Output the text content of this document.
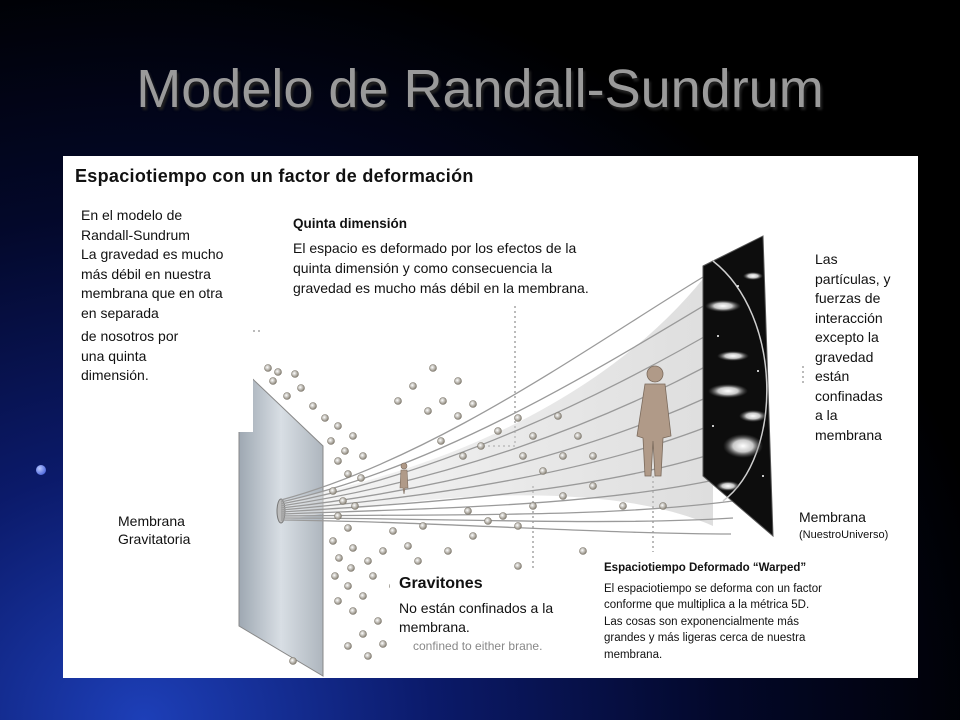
Modelo de Randall-Sundrum
Espaciotiempo con un factor de deformación
En el modelo de
Randall-Sundrum
La gravedad es mucho
más débil en nuestra
membrana que en otra
en separada
de nosotros por
una quinta
dimensión.
Quinta dimensión
El espacio es deformado por los efectos de la
quinta dimensión y como consecuencia la
gravedad es mucho más débil en la membrana.
Las
partículas, y
fuerzas de
interacción
excepto la
gravedad
están
confinadas
a la
membrana
Membrana
Gravitatoria
Membrana
(NuestroUniverso)
confined to either brane.
Gravitones
No están confinados a la
membrana.
Espaciotiempo Deformado “Warped”
El espaciotiempo se deforma con un factor
conforme que multiplica a la métrica 5D.
Las cosas son exponencialmente más
grandes y más ligeras cerca de nuestra
membrana.
